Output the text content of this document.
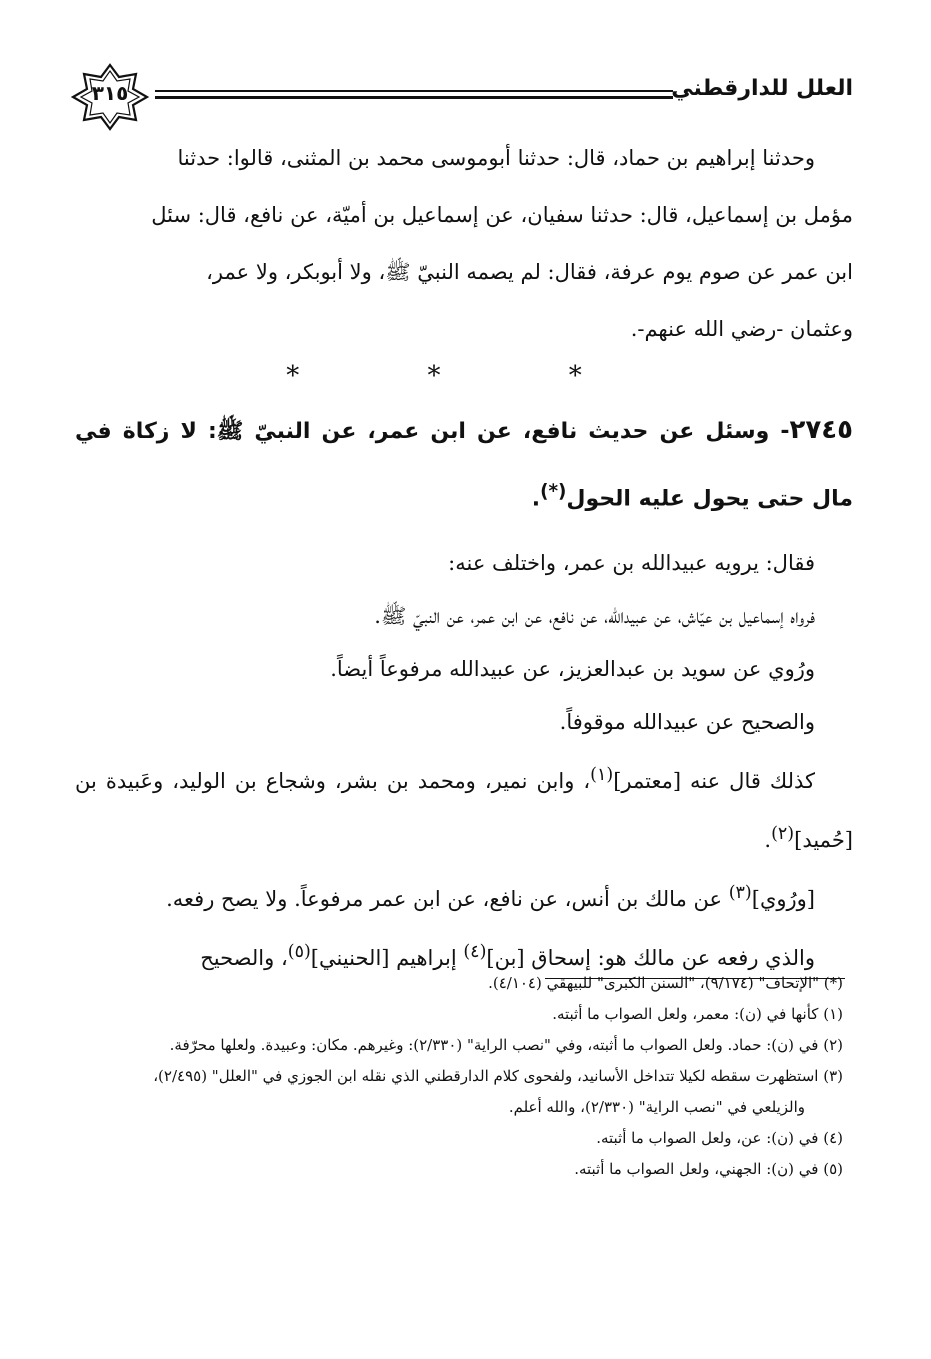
العلل للدارقطني
٣١٥

وحدثنا إبراهيم بن حماد، قال: حدثنا أبوموسى محمد بن المثنى، قالوا: حدثنا

مؤمل بن إسماعيل، قال: حدثنا سفيان، عن إسماعيل بن أميّة، عن نافع، قال: سئل

ابن عمر عن صوم يوم عرفة، فقال: لم يصمه النبيّ ﷺ، ولا أبوبكر، ولا عمر،

وعثمان -رضي الله عنهم-.

* * *

٢٧٤٥- وسئل عن حديث نافع، عن ابن عمر، عن النبيّ ﷺ: لا زكاة في مال حتى يحول عليه الحول(*).

فقال: يرويه عبيدالله بن عمر، واختلف عنه:

فرواه إسماعيل بن عيّاش، عن عبيدالله، عن نافع، عن ابن عمر، عن النبيّ ﷺ.

ورُوي عن سويد بن عبدالعزيز، عن عبيدالله مرفوعاً أيضاً.

والصحيح عن عبيدالله موقوفاً.

كذلك قال عنه [معتمر]$^{(١)}$، وابن نمير، ومحمد بن بشر، وشجاع بن الوليد، وعَبيدة بن [حُميد]$^{(٢)}$.

[ورُوي]$^{(٣)}$ عن مالك بن أنس، عن نافع، عن ابن عمر مرفوعاً. ولا يصح رفعه.

والذي رفعه عن مالك هو: إسحاق [بن]$^{(٤)}$ إبراهيم [الحنيني]$^{(٥)}$، والصحيح

(*) "الإتحاف" (٩/١٧٤)، "السنن الكبرى" للبيهقي (٤/١٠٤).

(١) كأنها في (ن): معمر، ولعل الصواب ما أثبته.

(٢) في (ن): حماد. ولعل الصواب ما أثبته، وفي "نصب الراية" (٢/٣٣٠): وغيرهم. مكان: وعبيدة. ولعلها محرّفة.

(٣) استظهرت سقطه لكيلا تتداخل الأسانيد، ولفحوى كلام الدارقطني الذي نقله ابن الجوزي في "العلل" (٢/٤٩٥)،

والزيلعي في "نصب الراية" (٢/٣٣٠)، والله أعلم.

(٤) في (ن): عن، ولعل الصواب ما أثبته.

(٥) في (ن): الجهني، ولعل الصواب ما أثبته.
